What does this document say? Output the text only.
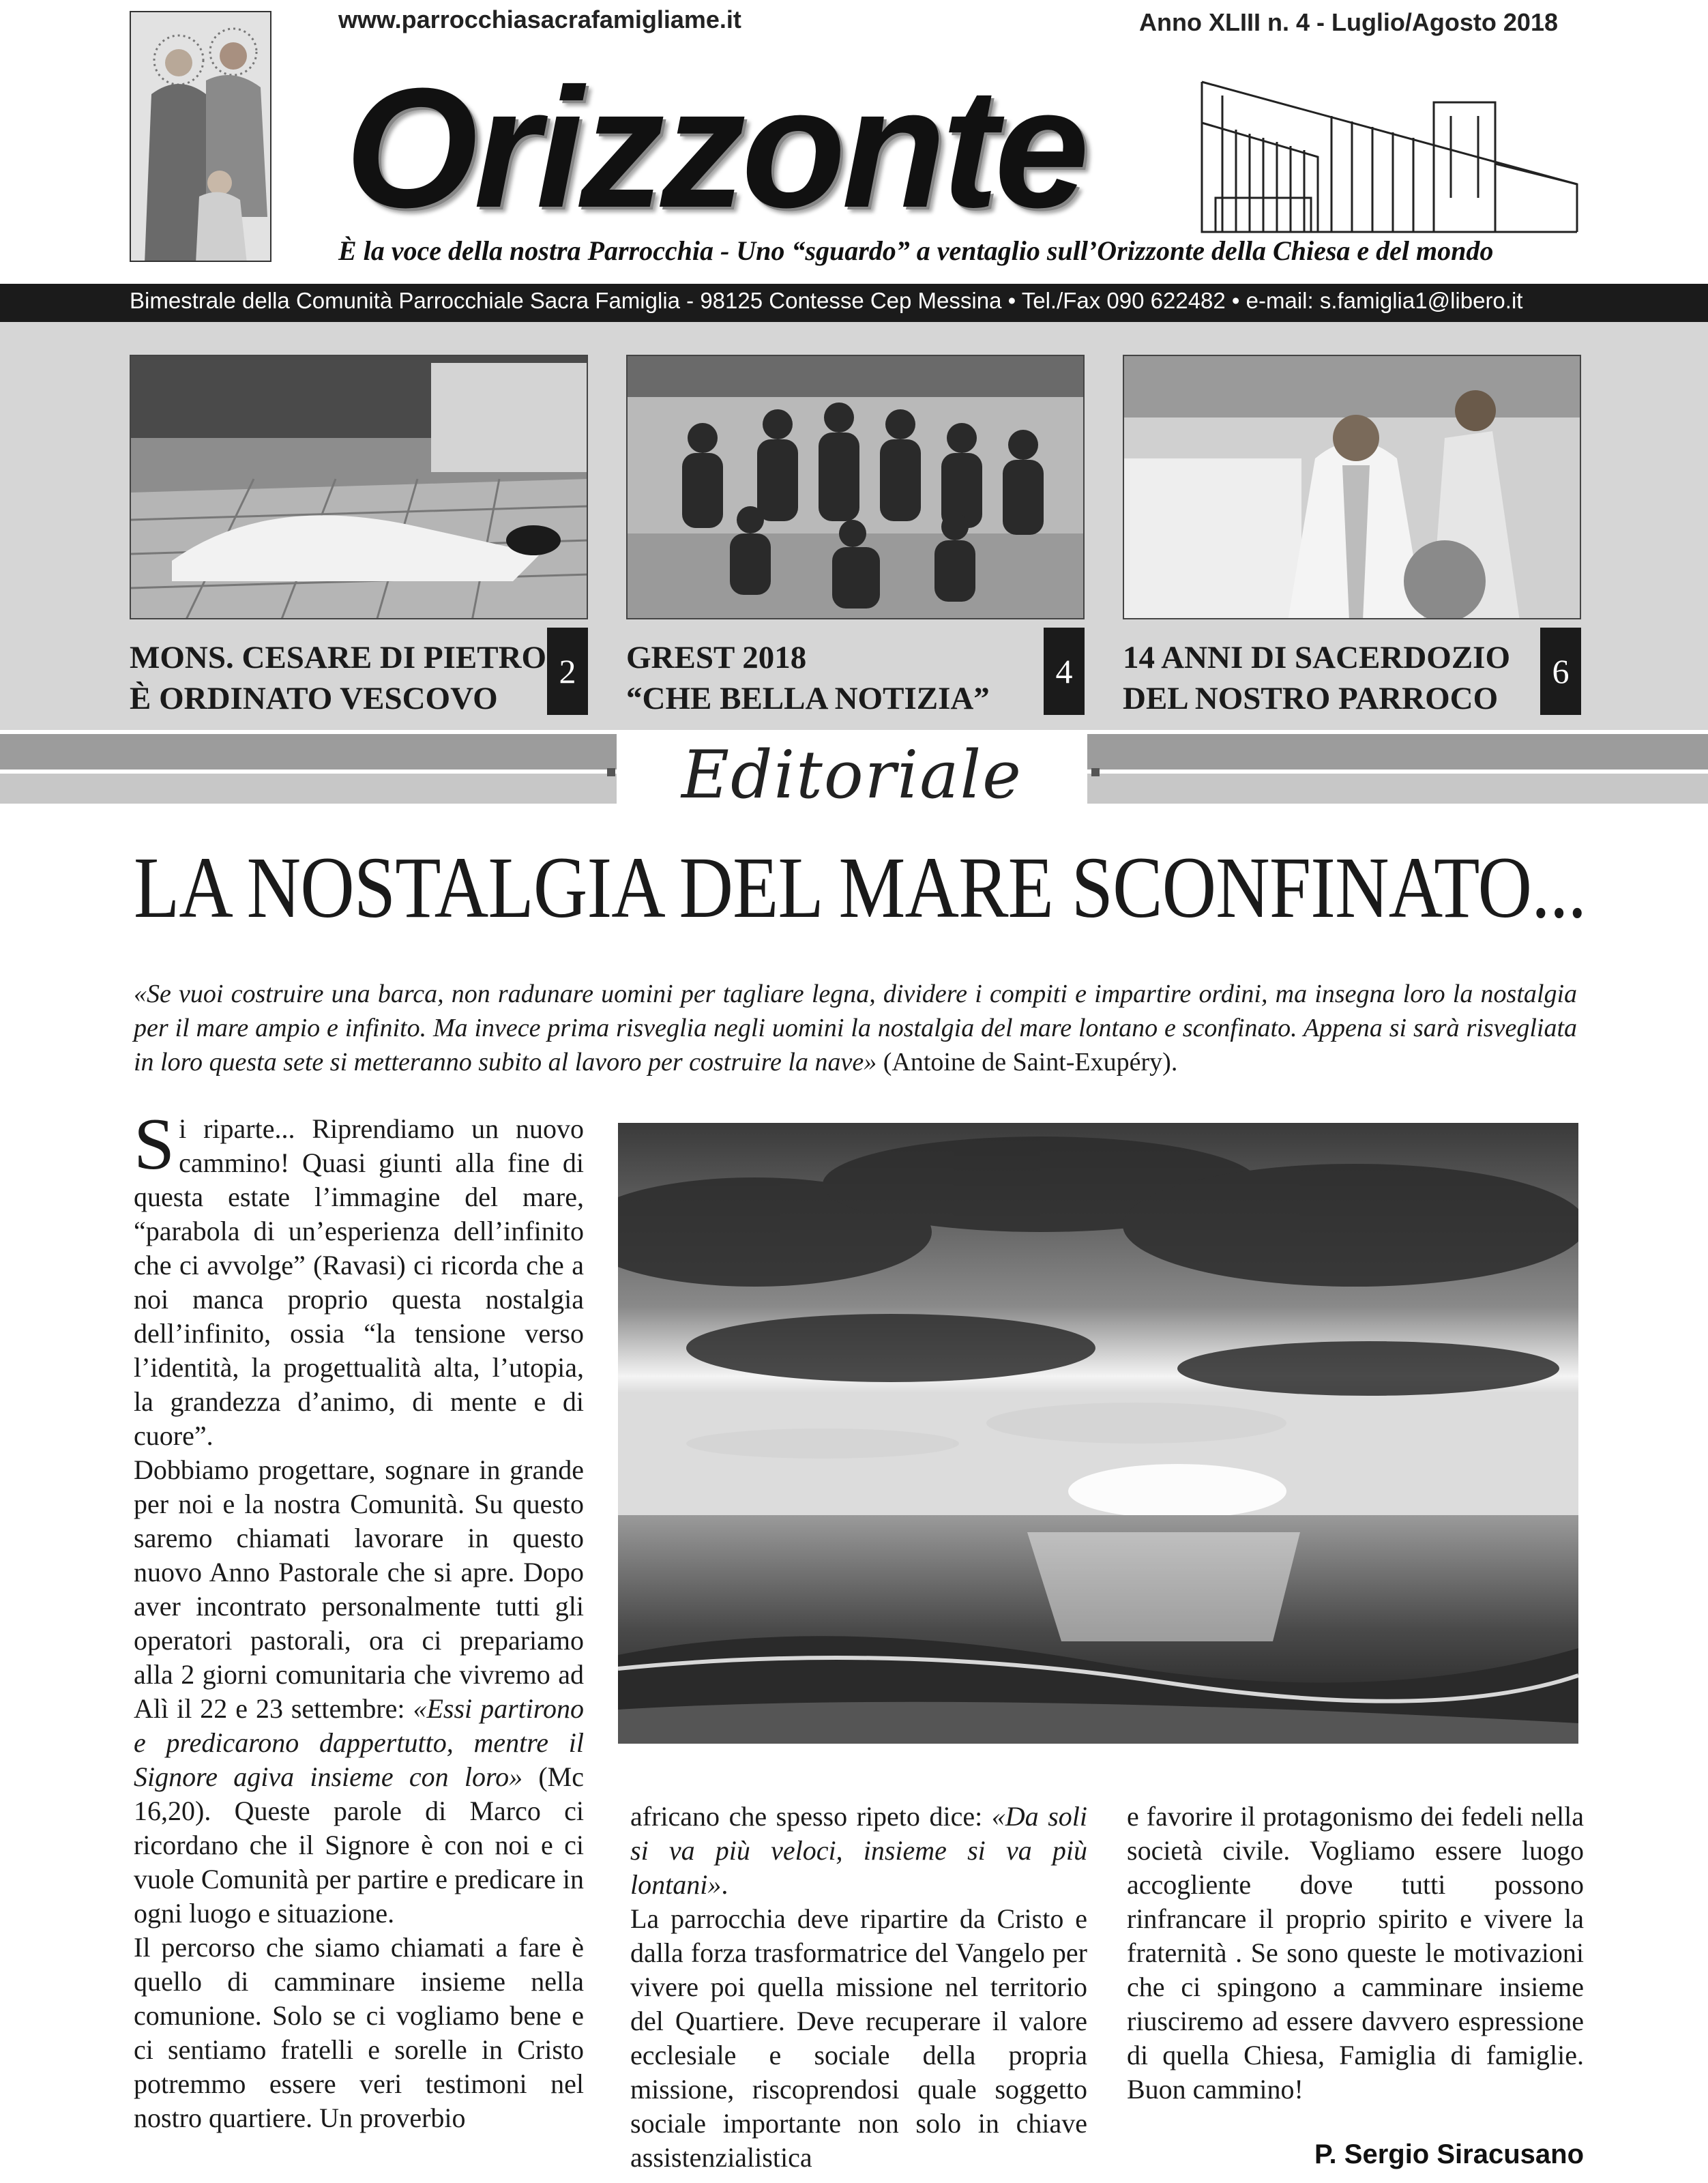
www.parrocchiasacrafamigliame.it	Anno XLIII n. 4 - Luglio/Agosto 2018
Orizzonte
È la voce della nostra Parrocchia - Uno “sguardo” a ventaglio sull’Orizzonte della Chiesa e del mondo
Bimestrale della Comunità Parrocchiale Sacra Famiglia - 98125 Contesse Cep Messina • Tel./Fax 090 622482 • e-mail: s.famiglia1@libero.it
MONS. CESARE DI PIETRO
È ORDINATO VESCOVO
2	GREST 2018
“CHE BELLA NOTIZIA”
4	14 ANNI DI SACERDOZIO
DEL NOSTRO PARROCO
6
Editoriale
LA NOSTALGIA DEL MARE SCONFINATO...
«Se vuoi costruire una barca, non radunare uomini per tagliare legna, dividere i compiti e impartire ordini, ma insegna loro la nostalgia per il mare ampio e infinito. Ma invece prima risveglia negli uomini la nostalgia del mare lontano e sconfinato. Appena si sarà risvegliata in loro questa sete si metteranno subito al lavoro per costruire la nave» (Antoine de Saint-Exupéry).

Si riparte... Riprendiamo un nuovo cammino! Quasi giunti alla fine di questa estate l’immagine del mare, “parabola di un’esperienza dell’infinito che ci avvolge” (Ravasi) ci ricorda che a noi manca proprio questa nostalgia dell’infinito, ossia “la tensione verso l’identità, la progettualità alta, l’utopia, la grandezza d’animo, di mente e di cuore”.

Dobbiamo progettare, sognare in grande per noi e la nostra Comunità. Su questo saremo chiamati lavorare in questo nuovo Anno Pastorale che si apre. Dopo aver incontrato personalmente tutti gli operatori pastorali, ora ci prepariamo alla 2 giorni comunitaria che vivremo ad Alì il 22 e 23 settembre: «Essi partirono e predicarono dappertutto, mentre il Signore agiva insieme con loro» (Mc 16,20). Queste parole di Marco ci ricordano che il Signore è con noi e ci vuole Comunità per partire e predicare in ogni luogo e situazione.

Il percorso che siamo chiamati a fare è quello di camminare insieme nella comunione. Solo se ci vogliamo bene e ci sentiamo fratelli e sorelle in Cristo potremmo essere veri testimoni nel nostro quartiere. Un proverbio

africano che spesso ripeto dice: «Da soli si va più veloci, insieme si va più lontani».

La parrocchia deve ripartire da Cristo e dalla forza trasformatrice del Vangelo per vivere poi quella missione nel territorio del Quartiere. Deve recuperare il valore ecclesiale e sociale della propria missione, riscoprendosi quale soggetto sociale importante non solo in chiave assistenzialistica

e favorire il protagonismo dei fedeli nella società civile. Vogliamo essere luogo accogliente dove tutti possono rinfrancare il proprio spirito e vivere la fraternità . Se sono queste le motivazioni che ci spingono a camminare insieme riusciremo ad essere davvero espressione di quella Chiesa, Famiglia di famiglie. Buon cammino!

P. Sergio Siracusano
